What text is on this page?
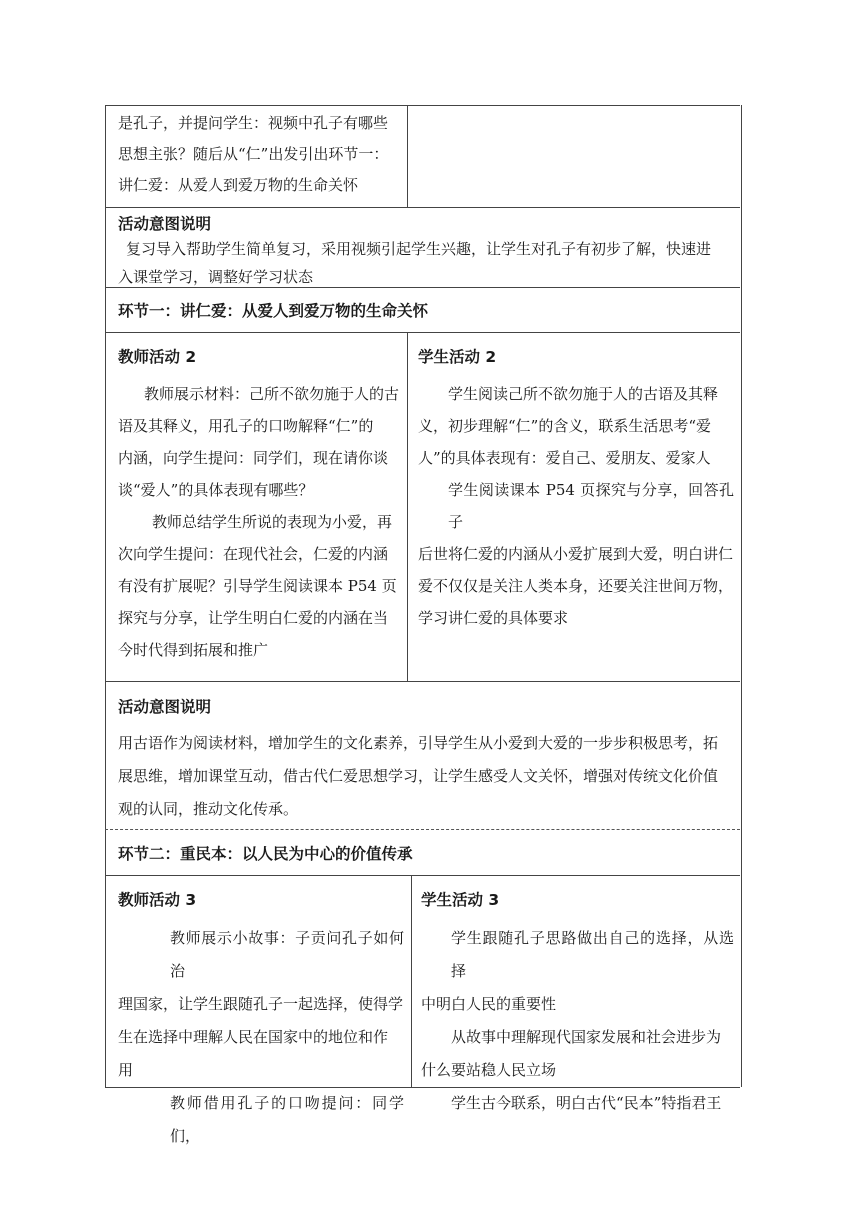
是孔子，并提问学生：视频中孔子有哪些
思想主张？随后从“仁”出发引出环节一：
讲仁爱：从爱人到爱万物的生命关怀
活动意图说明
复习导入帮助学生简单复习，采用视频引起学生兴趣，让学生对孔子有初步了解，快速进
入课堂学习，调整好学习状态
环节一：讲仁爱：从爱人到爱万物的生命关怀
教师活动 2
教师展示材料：己所不欲勿施于人的古
语及其释义，用孔子的口吻解释“仁”的
内涵，向学生提问：同学们，现在请你谈
谈“爱人”的具体表现有哪些？
教师总结学生所说的表现为小爱，再
次向学生提问：在现代社会，仁爱的内涵
有没有扩展呢？引导学生阅读课本 P54 页
探究与分享，让学生明白仁爱的内涵在当
今时代得到拓展和推广
学生活动 2
学生阅读己所不欲勿施于人的古语及其释
义，初步理解“仁”的含义，联系生活思考“爱
人”的具体表现有：爱自己、爱朋友、爱家人
学生阅读课本 P54 页探究与分享，回答孔子
后世将仁爱的内涵从小爱扩展到大爱，明白讲仁
爱不仅仅是关注人类本身，还要关注世间万物，
学习讲仁爱的具体要求
活动意图说明
用古语作为阅读材料，增加学生的文化素养，引导学生从小爱到大爱的一步步积极思考，拓
展思维，增加课堂互动，借古代仁爱思想学习，让学生感受人文关怀，增强对传统文化价值
观的认同，推动文化传承。
环节二：重民本：以人民为中心的价值传承
教师活动 3
教师展示小故事：子贡问孔子如何治
理国家，让学生跟随孔子一起选择，使得学
生在选择中理解人民在国家中的地位和作
用
教师借用孔子的口吻提问：同学们，
学生活动 3
学生跟随孔子思路做出自己的选择，从选择
中明白人民的重要性
从故事中理解现代国家发展和社会进步为
什么要站稳人民立场
学生古今联系，明白古代“民本”特指君王
